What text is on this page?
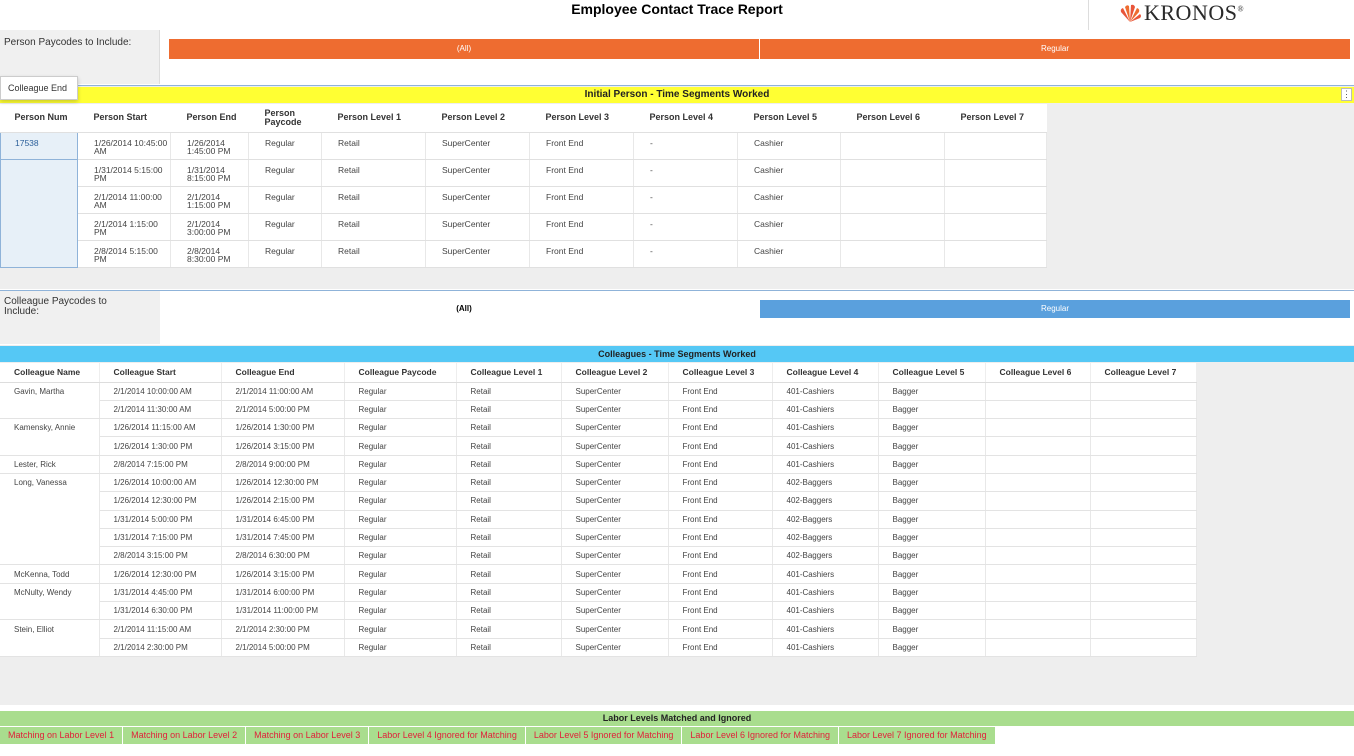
Employee Contact Trace Report	KRONOS®
Person Paycodes to Include:
(All)	Regular
Initial Person - Time Segments Worked	⋮
Person Num	Person Start	Person End	Person Paycode	Person Level 1	Person Level 2	Person Level 3	Person Level 4	Person Level 5	Person Level 6	Person Level 7
17538	1/26/2014 10:45:00 AM	1/26/2014 1:45:00 PM	Regular	Retail	SuperCenter	Front End	-	Cashier		
	1/31/2014 5:15:00 PM	1/31/2014 8:15:00 PM	Regular	Retail	SuperCenter	Front End	-	Cashier		
	2/1/2014 11:00:00 AM	2/1/2014 1:15:00 PM	Regular	Retail	SuperCenter	Front End	-	Cashier		
	2/1/2014 1:15:00 PM	2/1/2014 3:00:00 PM	Regular	Retail	SuperCenter	Front End	-	Cashier		
	2/8/2014 5:15:00 PM	2/8/2014 8:30:00 PM	Regular	Retail	SuperCenter	Front End	-	Cashier		
Colleague Paycodes to Include:	(All)	Regular
Colleagues - Time Segments Worked
Colleague Name	Colleague Start	Colleague End	Colleague Paycode	Colleague Level 1	Colleague Level 2	Colleague Level 3	Colleague Level 4	Colleague Level 5	Colleague Level 6	Colleague Level 7
Gavin, Martha	2/1/2014 10:00:00 AM	2/1/2014 11:00:00 AM	Regular	Retail	SuperCenter	Front End	401-Cashiers	Bagger		
	2/1/2014 11:30:00 AM	2/1/2014 5:00:00 PM	Regular	Retail	SuperCenter	Front End	401-Cashiers	Bagger		
Kamensky, Annie	1/26/2014 11:15:00 AM	1/26/2014 1:30:00 PM	Regular	Retail	SuperCenter	Front End	401-Cashiers	Bagger		
	1/26/2014 1:30:00 PM	1/26/2014 3:15:00 PM	Regular	Retail	SuperCenter	Front End	401-Cashiers	Bagger		
Lester, Rick	2/8/2014 7:15:00 PM	2/8/2014 9:00:00 PM	Regular	Retail	SuperCenter	Front End	401-Cashiers	Bagger		
Long, Vanessa	1/26/2014 10:00:00 AM	1/26/2014 12:30:00 PM	Regular	Retail	SuperCenter	Front End	402-Baggers	Bagger		
	1/26/2014 12:30:00 PM	1/26/2014 2:15:00 PM	Regular	Retail	SuperCenter	Front End	402-Baggers	Bagger		
	1/31/2014 5:00:00 PM	1/31/2014 6:45:00 PM	Regular	Retail	SuperCenter	Front End	402-Baggers	Bagger		
	1/31/2014 7:15:00 PM	1/31/2014 7:45:00 PM	Regular	Retail	SuperCenter	Front End	402-Baggers	Bagger		
	2/8/2014 3:15:00 PM	2/8/2014 6:30:00 PM	Regular	Retail	SuperCenter	Front End	402-Baggers	Bagger		
McKenna, Todd	1/26/2014 12:30:00 PM	1/26/2014 3:15:00 PM	Regular	Retail	SuperCenter	Front End	401-Cashiers	Bagger		
McNulty, Wendy	1/31/2014 4:45:00 PM	1/31/2014 6:00:00 PM	Regular	Retail	SuperCenter	Front End	401-Cashiers	Bagger		
	1/31/2014 6:30:00 PM	1/31/2014 11:00:00 PM	Regular	Retail	SuperCenter	Front End	401-Cashiers	Bagger		
Stein, Elliot	2/1/2014 11:15:00 AM	2/1/2014 2:30:00 PM	Regular	Retail	SuperCenter	Front End	401-Cashiers	Bagger		
	2/1/2014 2:30:00 PM	2/1/2014 5:00:00 PM	Regular	Retail	SuperCenter	Front End	401-Cashiers	Bagger		
Labor Levels Matched and Ignored
Matching on Labor Level 1	Matching on Labor Level 2	Matching on Labor Level 3	Labor Level 4 Ignored for Matching	Labor Level 5 Ignored for Matching	Labor Level 6 Ignored for Matching	Labor Level 7 Ignored for Matching
Colleague End
